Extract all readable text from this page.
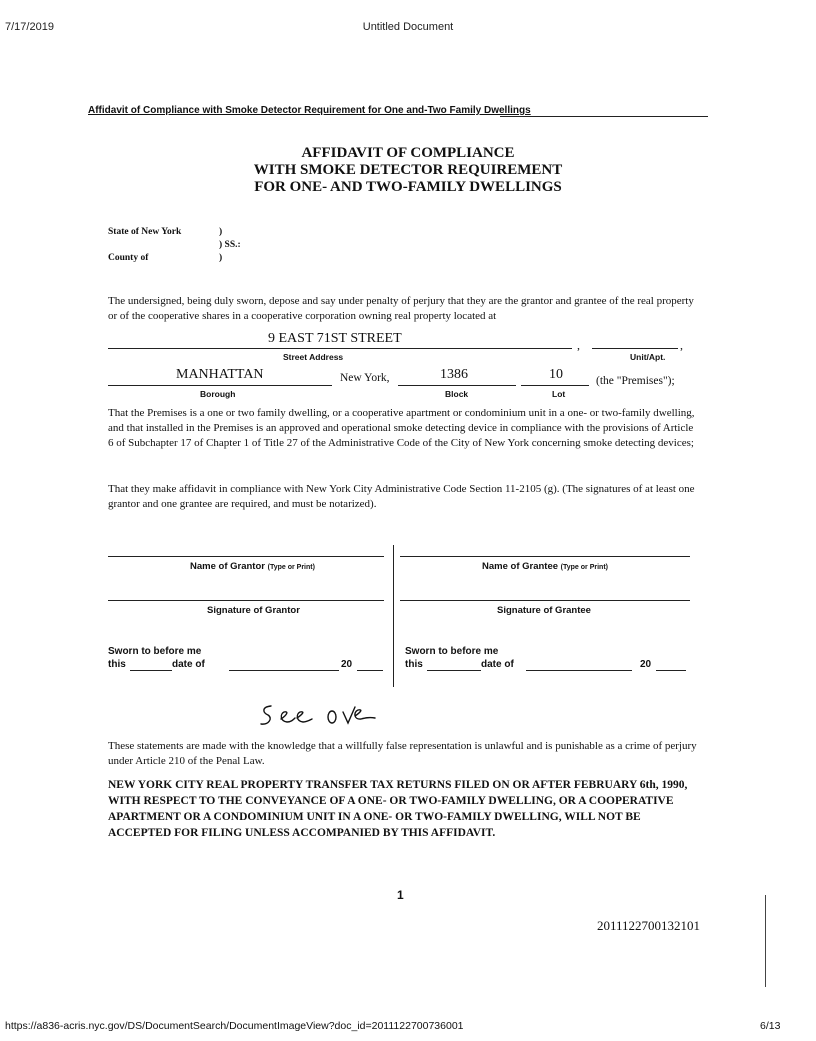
7/17/2019	Untitled Document
Affidavit of Compliance with Smoke Detector Requirement for One and-Two Family Dwellings
AFFIDAVIT OF COMPLIANCE
WITH SMOKE DETECTOR REQUIREMENT
FOR ONE- AND TWO-FAMILY DWELLINGS
State of New York	)
) SS.:
County of	)
The undersigned, being duly sworn, depose and say under penalty of perjury that they are the grantor and grantee of the real property or of the cooperative shares in a cooperative corporation owning real property located at
9 EAST 71ST STREET	,	,
Street Address	Unit/Apt.
MANHATTAN	New York,	1386	10	(the "Premises");
Borough	Block	Lot
That the Premises is a one or two family dwelling, or a cooperative apartment or condominium unit in a one- or two-family dwelling, and that installed in the Premises is an approved and operational smoke detecting device in compliance with the provisions of Article 6 of Subchapter 17 of Chapter 1 of Title 27 of the Administrative Code of the City of New York concerning smoke detecting devices;
That they make affidavit in compliance with New York City Administrative Code Section 11-2105 (g). (The signatures of at least one grantor and one grantee are required, and must be notarized).
Name of Grantor (Type or Print)	Name of Grantee (Type or Print)
Signature of Grantor	Signature of Grantee
Sworn to before me
this	date of	20
Sworn to before me
this	date of	20
These statements are made with the knowledge that a willfully false representation is unlawful and is punishable as a crime of perjury under Article 210 of the Penal Law.
NEW YORK CITY REAL PROPERTY TRANSFER TAX RETURNS FILED ON OR AFTER FEBRUARY 6th, 1990, WITH RESPECT TO THE CONVEYANCE OF A ONE- OR TWO-FAMILY DWELLING, OR A COOPERATIVE APARTMENT OR A CONDOMINIUM UNIT IN A ONE- OR TWO-FAMILY DWELLING, WILL NOT BE ACCEPTED FOR FILING UNLESS ACCOMPANIED BY THIS AFFIDAVIT.
1
2011122700132101
https://a836-acris.nyc.gov/DS/DocumentSearch/DocumentImageView?doc_id=2011122700736001	6/13
